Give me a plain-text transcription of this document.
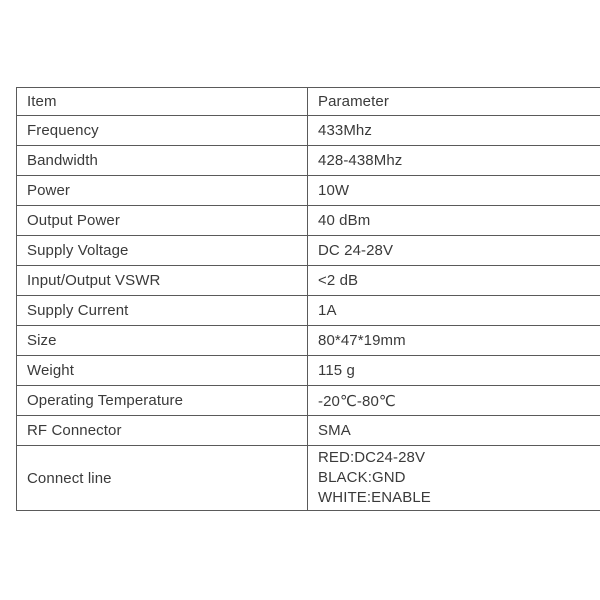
Item	Parameter
Frequency	433Mhz
Bandwidth	428-438Mhz
Power	10W
Output Power	40 dBm
Supply Voltage	DC 24-28V
Input/Output VSWR	<2 dB
Supply Current	1A
Size	80*47*19mm
Weight	115 g
Operating Temperature	-20℃-80℃
RF Connector	SMA
Connect line	RED:DC24-28V
BLACK:GND
WHITE:ENABLE
